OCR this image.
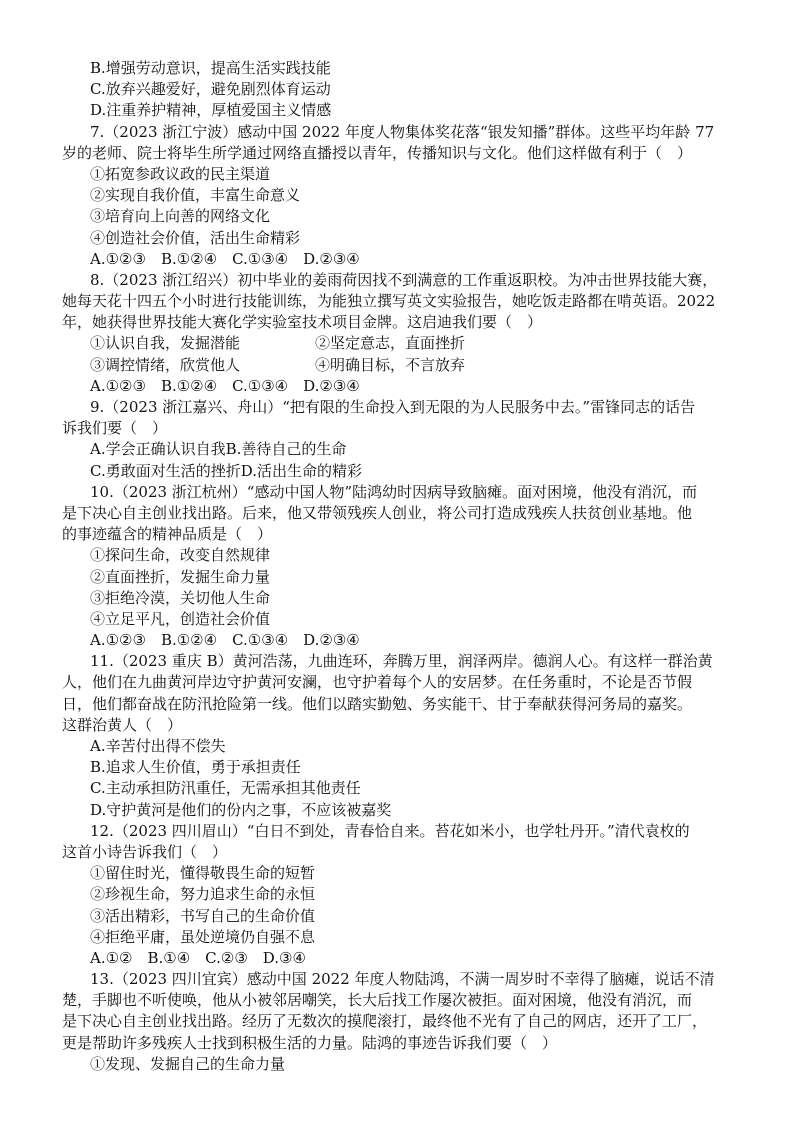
B.增强劳动意识，提高生活实践技能
C.放弃兴趣爱好，避免剧烈体育运动
D.注重养护精神，厚植爱国主义情感
7.（2023 浙江宁波）感动中国 2022 年度人物集体奖花落“银发知播”群体。这些平均年龄 77
岁的老师、院士将毕生所学通过网络直播授以青年，传播知识与文化。他们这样做有利于（　）
①拓宽参政议政的民主渠道
②实现自我价值，丰富生命意义
③培育向上向善的网络文化
④创造社会价值，活出生命精彩
A.①②③　B.①②④　C.①③④　D.②③④
8.（2023 浙江绍兴）初中毕业的姜雨荷因找不到满意的工作重返职校。为冲击世界技能大赛，
她每天花十四五个小时进行技能训练，为能独立撰写英文实验报告，她吃饭走路都在啃英语。2022
年，她获得世界技能大赛化学实验室技术项目金牌。这启迪我们要（　）
①认识自我，发掘潜能	②坚定意志，直面挫折
③调控情绪，欣赏他人	④明确目标，不言放弃
A.①②③　B.①②④　C.①③④　D.②③④
9.（2023 浙江嘉兴、舟山）“把有限的生命投入到无限的为人民服务中去。”雷锋同志的话告
诉我们要（　）
A.学会正确认识自我B.善待自己的生命
C.勇敢面对生活的挫折D.活出生命的精彩
10.（2023 浙江杭州）“感动中国人物”陆鸿幼时因病导致脑瘫。面对困境，他没有消沉，而
是下决心自主创业找出路。后来，他又带领残疾人创业，将公司打造成残疾人扶贫创业基地。他
的事迹蕴含的精神品质是（　）
①探问生命，改变自然规律
②直面挫折，发掘生命力量
③拒绝冷漠，关切他人生命
④立足平凡，创造社会价值
A.①②③　B.①②④　C.①③④　D.②③④
11.（2023 重庆 B）黄河浩荡，九曲连环，奔腾万里，润泽两岸。德润人心。有这样一群治黄
人，他们在九曲黄河岸边守护黄河安澜，也守护着每个人的安居梦。在任务重时，不论是否节假
日，他们都奋战在防汛抢险第一线。他们以踏实勤勉、务实能干、甘于奉献获得河务局的嘉奖。
这群治黄人（　）
A.辛苦付出得不偿失
B.追求人生价值，勇于承担责任
C.主动承担防汛重任，无需承担其他责任
D.守护黄河是他们的份内之事，不应该被嘉奖
12.（2023 四川眉山）“白日不到处，青春恰自来。苔花如米小，也学牡丹开。”清代袁枚的
这首小诗告诉我们（　）
①留住时光，懂得敬畏生命的短暂
②珍视生命，努力追求生命的永恒
③活出精彩，书写自己的生命价值
④拒绝平庸，虽处逆境仍自强不息
A.①②　B.①④　C.②③　D.③④
13.（2023 四川宜宾）感动中国 2022 年度人物陆鸿，不满一周岁时不幸得了脑瘫，说话不清
楚，手脚也不听使唤，他从小被邻居嘲笑，长大后找工作屡次被拒。面对困境，他没有消沉，而
是下决心自主创业找出路。经历了无数次的摸爬滚打，最终他不光有了自己的网店，还开了工厂，
更是帮助许多残疾人士找到积极生活的力量。陆鸿的事迹告诉我们要（　）
①发现、发掘自己的生命力量
